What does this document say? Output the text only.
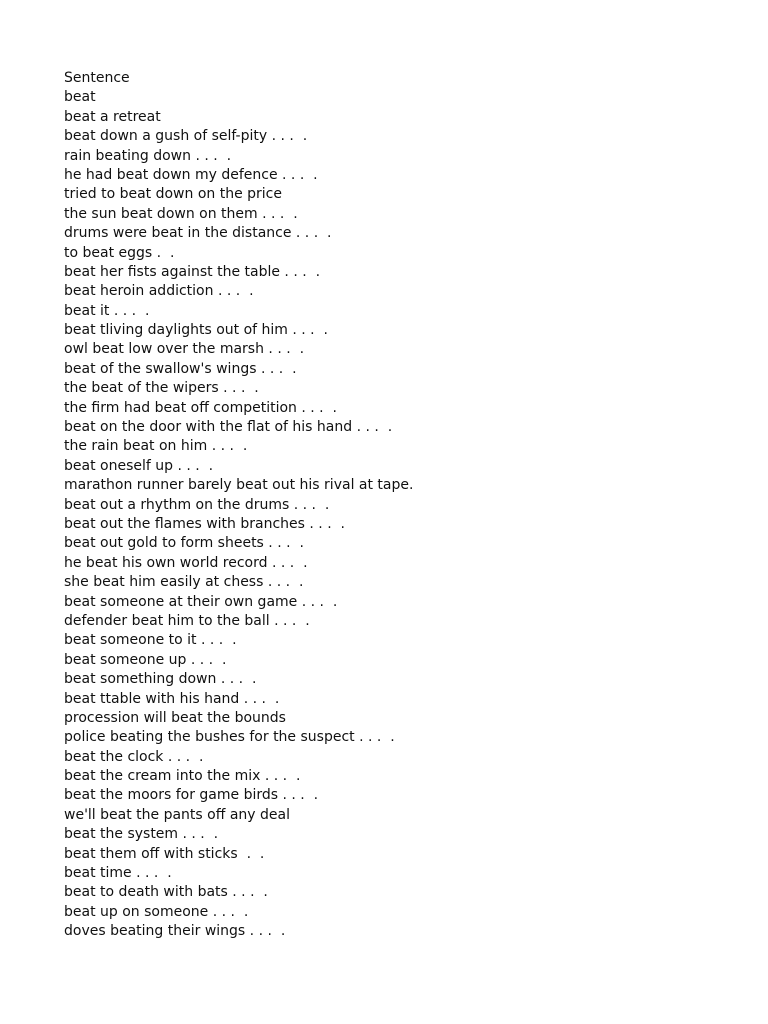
Sentence
beat
beat a retreat
beat down a gush of self-pity . . .  .
rain beating down . . .  .
he had beat down my defence . . .  .
tried to beat down on the price
the sun beat down on them . . .  .
drums were beat in the distance . . .  .
to beat eggs .  .
beat her fists against the table . . .  .
beat heroin addiction . . .  .
beat it . . .  .
beat tliving daylights out of him . . .  .
owl beat low over the marsh . . .  .
beat of the swallow's wings . . .  .
the beat of the wipers . . .  .
the firm had beat off competition . . .  .
beat on the door with the flat of his hand . . .  .
the rain beat on him . . .  .
beat oneself up . . .  .
marathon runner barely beat out his rival at tape.
beat out a rhythm on the drums . . .  .
beat out the flames with branches . . .  .
beat out gold to form sheets . . .  .
he beat his own world record . . .  .
she beat him easily at chess . . .  .
beat someone at their own game . . .  .
defender beat him to the ball . . .  .
beat someone to it . . .  .
beat someone up . . .  .
beat something down . . .  .
beat ttable with his hand . . .  .
procession will beat the bounds
police beating the bushes for the suspect . . .  .
beat the clock . . .  .
beat the cream into the mix . . .  .
beat the moors for game birds . . .  .
we'll beat the pants off any deal
beat the system . . .  .
beat them off with sticks  .  .
beat time . . .  .
beat to death with bats . . .  .
beat up on someone . . .  .
doves beating their wings . . .  .
